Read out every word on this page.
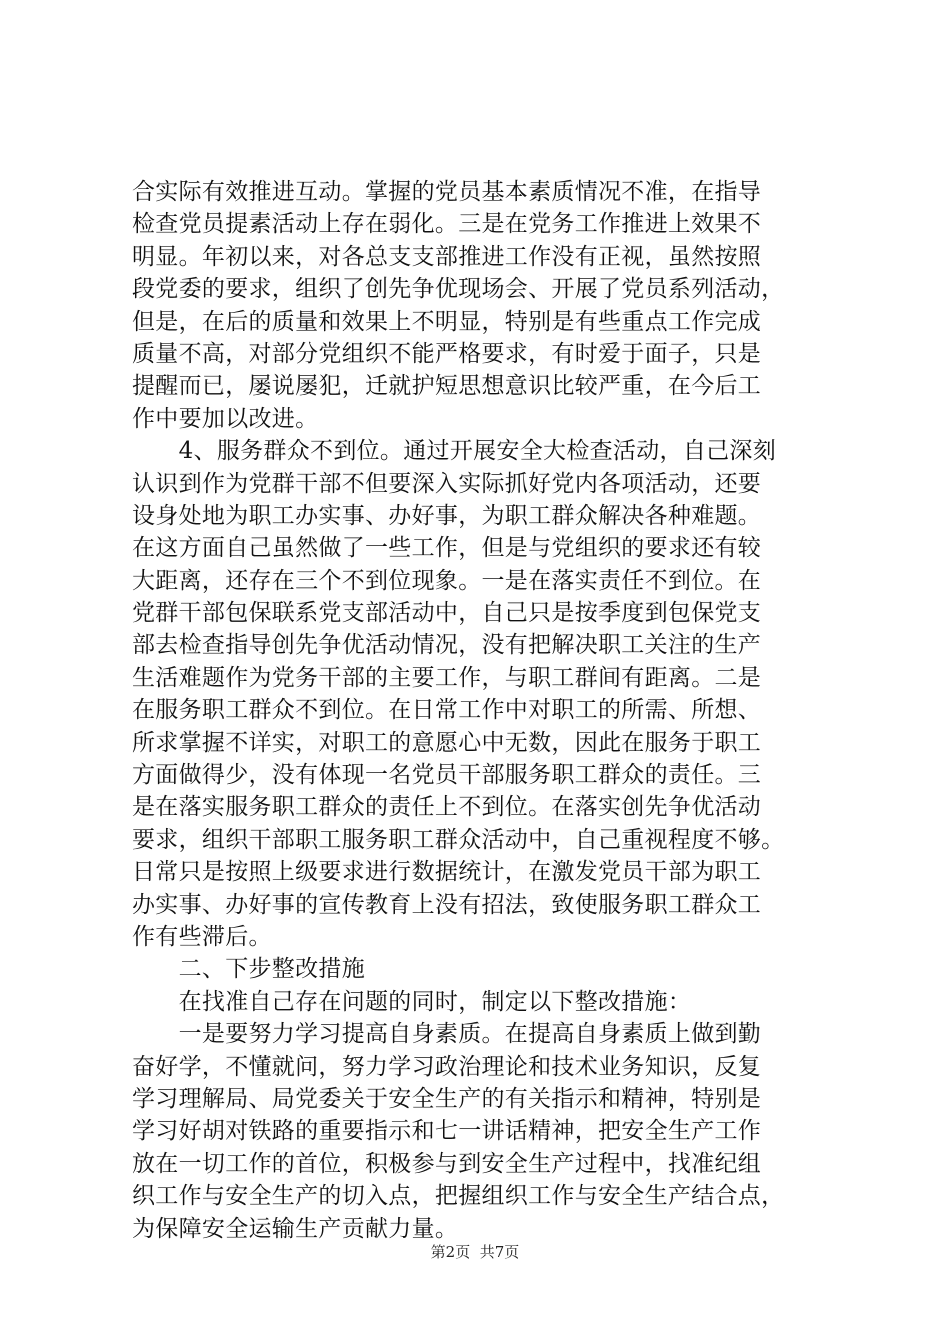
合实际有效推进互动。掌握的党员基本素质情况不准，在指导
检查党员提素活动上存在弱化。三是在党务工作推进上效果不
明显。年初以来，对各总支支部推进工作没有正视，虽然按照
段党委的要求，组织了创先争优现场会、开展了党员系列活动，
但是，在后的质量和效果上不明显，特别是有些重点工作完成
质量不高，对部分党组织不能严格要求，有时爱于面子，只是
提醒而已，屡说屡犯，迁就护短思想意识比较严重，在今后工
作中要加以改进。
　　4、服务群众不到位。通过开展安全大检查活动，自己深刻
认识到作为党群干部不但要深入实际抓好党内各项活动，还要
设身处地为职工办实事、办好事，为职工群众解决各种难题。
在这方面自己虽然做了一些工作，但是与党组织的要求还有较
大距离，还存在三个不到位现象。一是在落实责任不到位。在
党群干部包保联系党支部活动中，自己只是按季度到包保党支
部去检查指导创先争优活动情况，没有把解决职工关注的生产
生活难题作为党务干部的主要工作，与职工群间有距离。二是
在服务职工群众不到位。在日常工作中对职工的所需、所想、
所求掌握不详实，对职工的意愿心中无数，因此在服务于职工
方面做得少，没有体现一名党员干部服务职工群众的责任。三
是在落实服务职工群众的责任上不到位。在落实创先争优活动
要求，组织干部职工服务职工群众活动中，自己重视程度不够。
日常只是按照上级要求进行数据统计，在激发党员干部为职工
办实事、办好事的宣传教育上没有招法，致使服务职工群众工
作有些滞后。
　　二、下步整改措施
　　在找准自己存在问题的同时，制定以下整改措施：
　　一是要努力学习提高自身素质。在提高自身素质上做到勤
奋好学，不懂就问，努力学习政治理论和技术业务知识，反复
学习理解局、局党委关于安全生产的有关指示和精神，特别是
学习好胡对铁路的重要指示和七一讲话精神，把安全生产工作
放在一切工作的首位，积极参与到安全生产过程中，找准纪组
织工作与安全生产的切入点，把握组织工作与安全生产结合点，
为保障安全运输生产贡献力量。
第2页 共7页
